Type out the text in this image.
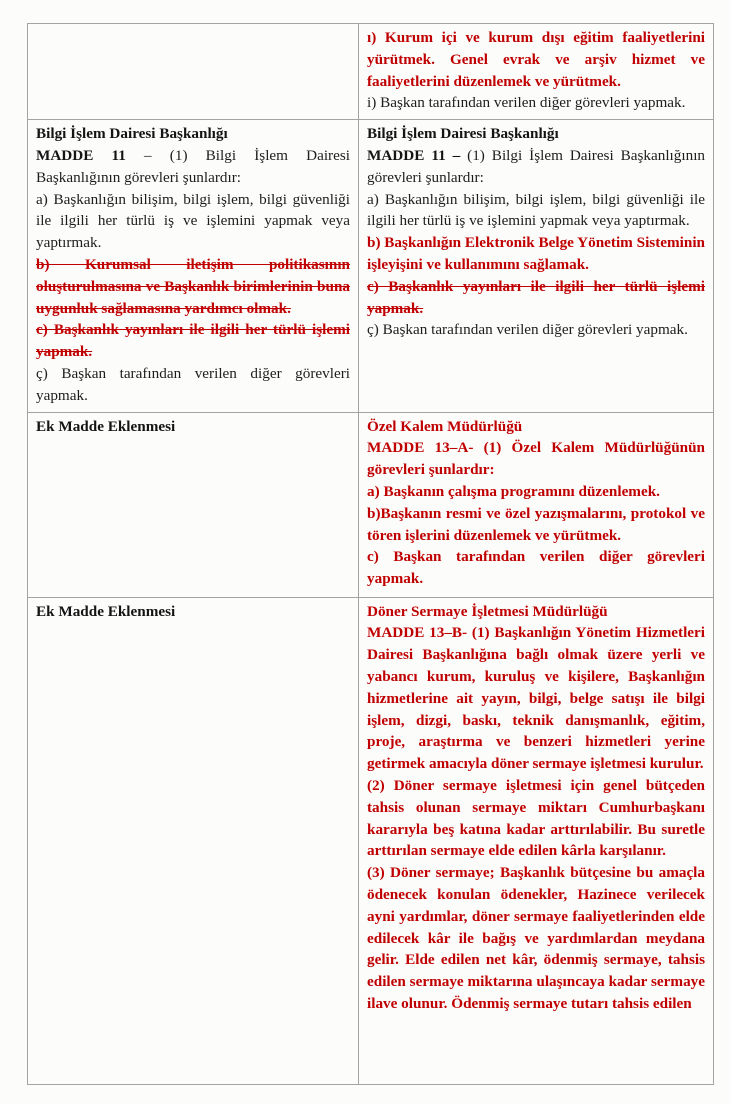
ı) Kurum içi ve kurum dışı eğitim faaliyetlerini yürütmek. Genel evrak ve arşiv hizmet ve faaliyetlerini düzenlemek ve yürütmek.

i) Başkan tarafından verilen diğer görevleri yapmak.

Bilgi İşlem Dairesi Başkanlığı

MADDE 11 – (1) Bilgi İşlem Dairesi Başkanlığının görevleri şunlardır:

a) Başkanlığın bilişim, bilgi işlem, bilgi güvenliği ile ilgili her türlü iş ve işlemini yapmak veya yaptırmak.

b) Kurumsal iletişim politikasının oluşturulmasına ve Başkanlık birimlerinin buna uygunluk sağlamasına yardımcı olmak.

c) Başkanlık yayınları ile ilgili her türlü işlemi yapmak.

ç) Başkan tarafından verilen diğer görevleri yapmak.

Bilgi İşlem Dairesi Başkanlığı

MADDE 11 – (1) Bilgi İşlem Dairesi Başkanlığının görevleri şunlardır:

a) Başkanlığın bilişim, bilgi işlem, bilgi güvenliği ile ilgili her türlü iş ve işlemini yapmak veya yaptırmak.

b) Başkanlığın Elektronik Belge Yönetim Sisteminin işleyişini ve kullanımını sağlamak.

c) Başkanlık yayınları ile ilgili her türlü işlemi yapmak.

ç) Başkan tarafından verilen diğer görevleri yapmak.

Ek Madde Eklenmesi	Özel Kalem Müdürlüğü

MADDE 13–A- (1) Özel Kalem Müdürlüğünün görevleri şunlardır:

a) Başkanın çalışma programını düzenlemek.

b)Başkanın resmi ve özel yazışmalarını, protokol ve tören işlerini düzenlemek ve yürütmek.

c) Başkan tarafından verilen diğer görevleri yapmak.

Ek Madde Eklenmesi	Döner Sermaye İşletmesi Müdürlüğü

MADDE 13–B- (1) Başkanlığın Yönetim Hizmetleri Dairesi Başkanlığına bağlı olmak üzere yerli ve yabancı kurum, kuruluş ve kişilere, Başkanlığın hizmetlerine ait yayın, bilgi, belge satışı ile bilgi işlem, dizgi, baskı, teknik danışmanlık, eğitim, proje, araştırma ve benzeri hizmetleri yerine getirmek amacıyla döner sermaye işletmesi kurulur.

(2) Döner sermaye işletmesi için genel bütçeden tahsis olunan sermaye miktarı Cumhurbaşkanı kararıyla beş katına kadar arttırılabilir. Bu suretle arttırılan sermaye elde edilen kârla karşılanır.

(3) Döner sermaye; Başkanlık bütçesine bu amaçla ödenecek konulan ödenekler, Hazinece verilecek ayni yardımlar, döner sermaye faaliyetlerinden elde edilecek kâr ile bağış ve yardımlardan meydana gelir. Elde edilen net kâr, ödenmiş sermaye, tahsis edilen sermaye miktarına ulaşıncaya kadar sermaye ilave olunur. Ödenmiş sermaye tutarı tahsis edilen
